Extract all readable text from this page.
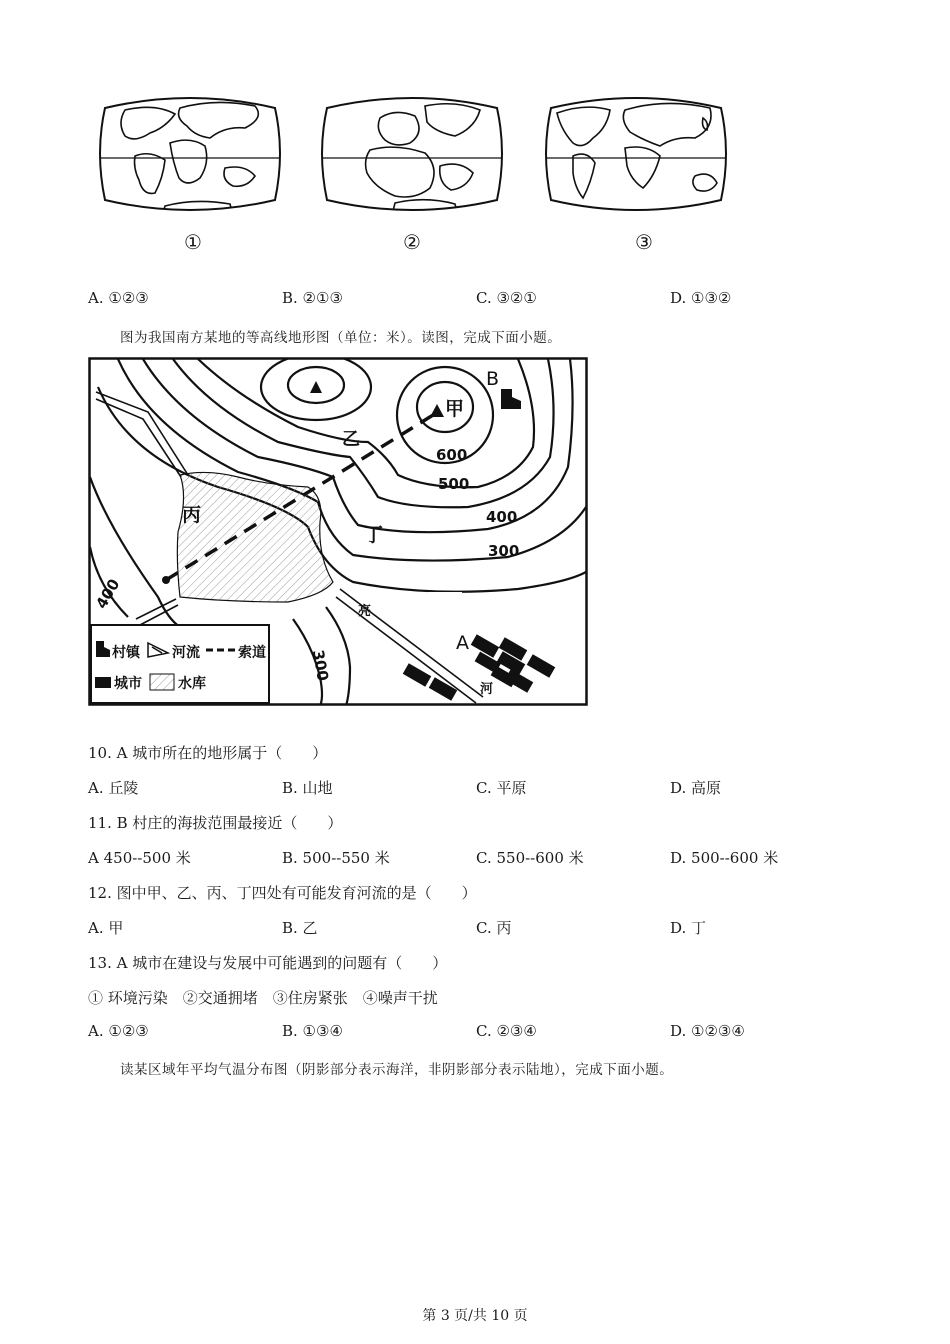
①	②	③
A. ①②③	B. ②①③	C. ③②①	D. ①③②
图为我国南方某地的等高线地形图（单位：米）。读图，完成下面小题。
600
500
400
300
400
300
甲
乙
丙
丁
B
A
亮
河
村镇 河流	索道
城市	水库
10. A 城市所在的地形属于（　　）
A. 丘陵	B. 山地	C. 平原	D. 高原
11. B 村庄的海拔范围最接近（　　）
A 450--500 米	B. 500--550 米	C. 550--600 米	D. 500--600 米
12. 图中甲、乙、丙、丁四处有可能发育河流的是（　　）
A. 甲	B. 乙	C. 丙	D. 丁
13. A 城市在建设与发展中可能遇到的问题有（　　）
① 环境污染　②交通拥堵　③住房紧张　④噪声干扰
A. ①②③	B. ①③④	C. ②③④	D. ①②③④
读某区域年平均气温分布图（阴影部分表示海洋，非阴影部分表示陆地），完成下面小题。
第 3 页/共 10 页
